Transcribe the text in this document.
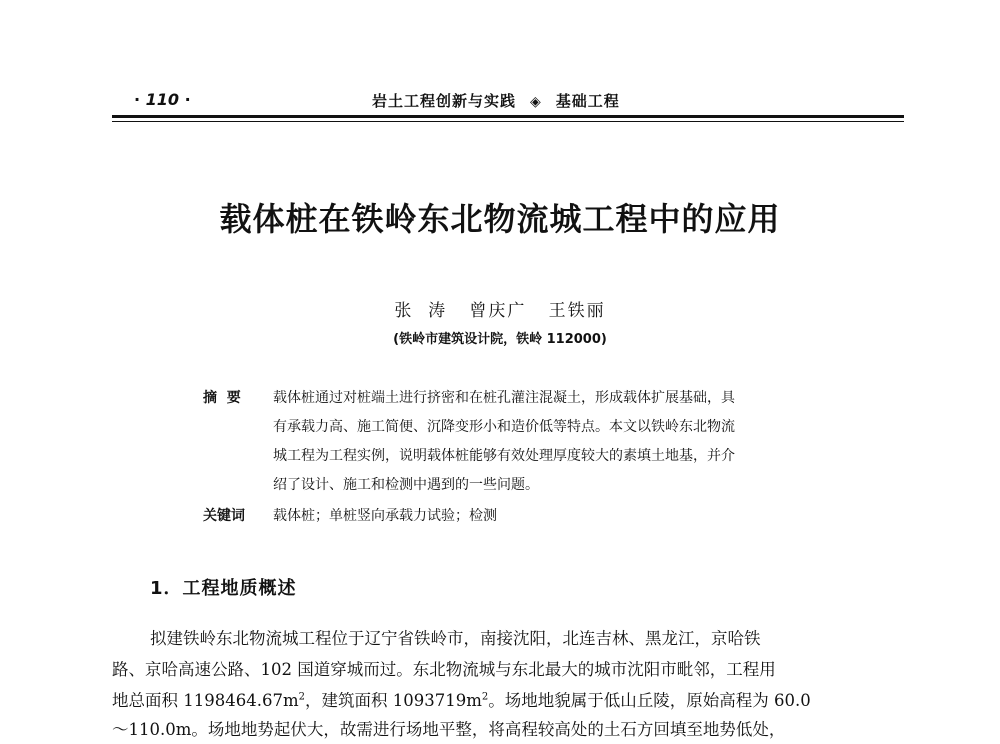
· 110 ·	岩土工程创新与实践 ◈ 基础工程
载体桩在铁岭东北物流城工程中的应用
张  涛   曾庆广   王铁丽
(铁岭市建筑设计院，铁岭 112000)
摘  要 载体桩通过对桩端土进行挤密和在桩孔灌注混凝土，形成载体扩展基础，具
有承载力高、施工简便、沉降变形小和造价低等特点。本文以铁岭东北物流
城工程为工程实例，说明载体桩能够有效处理厚度较大的素填土地基，并介
绍了设计、施工和检测中遇到的一些问题。
关键词 载体桩；单桩竖向承载力试验；检测
1．工程地质概述
拟建铁岭东北物流城工程位于辽宁省铁岭市，南接沈阳，北连吉林、黑龙江，京哈铁
路、京哈高速公路、102 国道穿城而过。东北物流城与东北最大的城市沈阳市毗邻，工程用
地总面积 $1198464.67m^2$，建筑面积 $1093719m^2$。场地地貌属于低山丘陵，原始高程为 60.0
～110.0m。场地地势起伏大，故需进行场地平整，将高程较高处的土石方回填至地势低处，
